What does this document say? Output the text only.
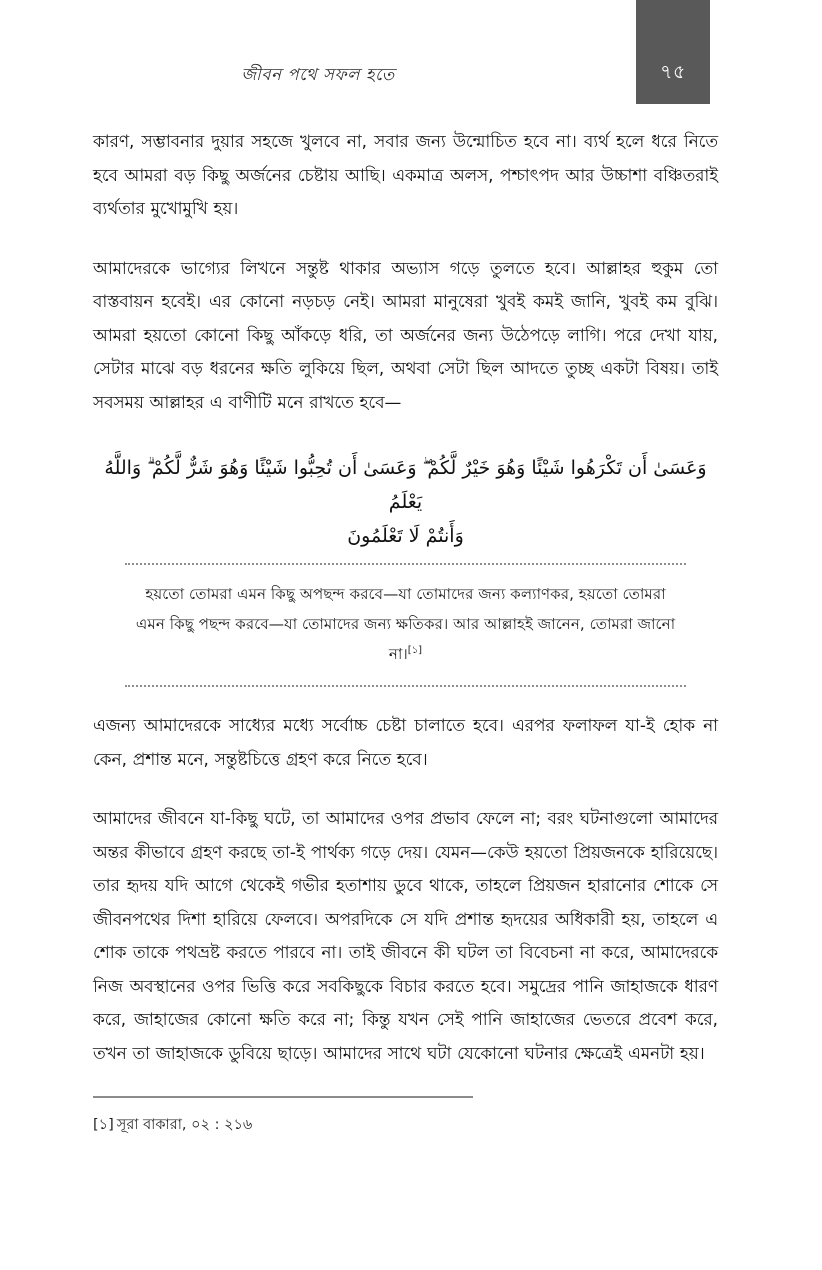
৭৫
জীবন পথে সফল হতে

কারণ, সম্ভাবনার দুয়ার সহজে খুলবে না, সবার জন্য উন্মোচিত হবে না। ব্যর্থ হলে ধরে নিতে হবে আমরা বড় কিছু অর্জনের চেষ্টায় আছি। একমাত্র অলস, পশ্চাৎপদ আর উচ্চাশা বঞ্চিতরাই ব্যর্থতার মুখোমুখি হয়।

আমাদেরকে ভাগ্যের লিখনে সন্তুষ্ট থাকার অভ্যাস গড়ে তুলতে হবে। আল্লাহর হুকুম তো বাস্তবায়ন হবেই। এর কোনো নড়চড় নেই। আমরা মানুষেরা খুবই কমই জানি, খুবই কম বুঝি। আমরা হয়তো কোনো কিছু আঁকড়ে ধরি, তা অর্জনের জন্য উঠেপড়ে লাগি। পরে দেখা যায়, সেটার মাঝে বড় ধরনের ক্ষতি লুকিয়ে ছিল, অথবা সেটা ছিল আদতে তুচ্ছ একটা বিষয়। তাই সবসময় আল্লাহর এ বাণীটি মনে রাখতে হবে—

وَعَسَىٰ أَن تَكْرَهُوا شَيْئًا وَهُوَ خَيْرٌ لَّكُمْ ۖ وَعَسَىٰ أَن تُحِبُّوا شَيْئًا وَهُوَ شَرٌّ لَّكُمْ ۗ وَاللَّهُ يَعْلَمُ
وَأَنتُمْ لَا تَعْلَمُونَ
হয়তো তোমরা এমন কিছু অপছন্দ করবে—যা তোমাদের জন্য কল্যাণকর, হয়তো তোমরা এমন কিছু পছন্দ করবে—যা তোমাদের জন্য ক্ষতিকর। আর আল্লাহই জানেন, তোমরা জানো না।[১]

এজন্য আমাদেরকে সাধ্যের মধ্যে সর্বোচ্চ চেষ্টা চালাতে হবে। এরপর ফলাফল যা-ই হোক না কেন, প্রশান্ত মনে, সন্তুষ্টচিত্তে গ্রহণ করে নিতে হবে।

আমাদের জীবনে যা-কিছু ঘটে, তা আমাদের ওপর প্রভাব ফেলে না; বরং ঘটনাগুলো আমাদের অন্তর কীভাবে গ্রহণ করছে তা-ই পার্থক্য গড়ে দেয়। যেমন—কেউ হয়তো প্রিয়জনকে হারিয়েছে। তার হৃদয় যদি আগে থেকেই গভীর হতাশায় ডুবে থাকে, তাহলে প্রিয়জন হারানোর শোকে সে জীবনপথের দিশা হারিয়ে ফেলবে। অপরদিকে সে যদি প্রশান্ত হৃদয়ের অধিকারী হয়, তাহলে এ শোক তাকে পথভ্রষ্ট করতে পারবে না। তাই জীবনে কী ঘটল তা বিবেচনা না করে, আমাদেরকে নিজ অবস্থানের ওপর ভিত্তি করে সবকিছুকে বিচার করতে হবে। সমুদ্রের পানি জাহাজকে ধারণ করে, জাহাজের কোনো ক্ষতি করে না; কিন্তু যখন সেই পানি জাহাজের ভেতরে প্রবেশ করে, তখন তা জাহাজকে ডুবিয়ে ছাড়ে। আমাদের সাথে ঘটা যেকোনো ঘটনার ক্ষেত্রেই এমনটা হয়।

[১] সূরা বাকারা, ০২ : ২১৬
